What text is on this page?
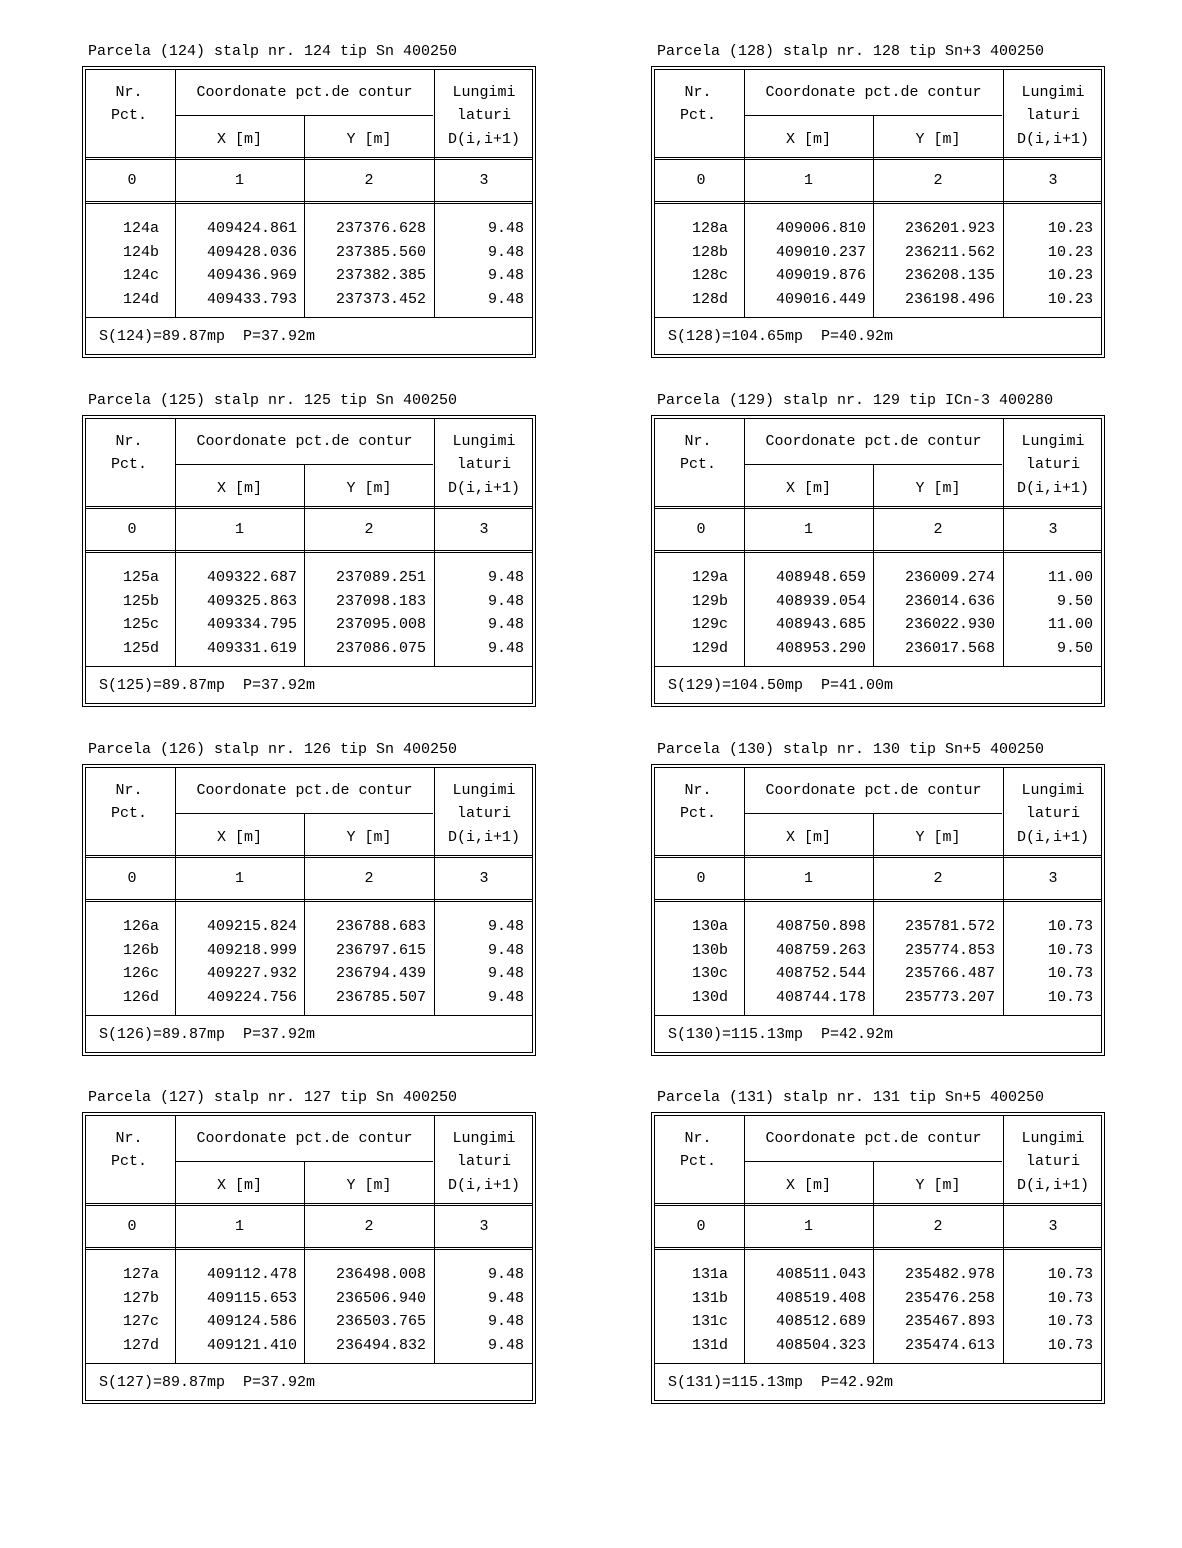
Parcela (124) stalp nr. 124 tip Sn 400250
Nr.
Pct.
Coordonate pct.de contur
X [m]	Y [m]
Lungimi
laturi
D(i,i+1)
0	1	2	3
124a	409424.861	237376.628	9.48
124b	409428.036	237385.560	9.48
124c	409436.969	237382.385	9.48
124d	409433.793	237373.452	9.48
S(124)=89.87mp  P=37.92m
Parcela (128) stalp nr. 128 tip Sn+3 400250
Nr.
Pct.
Coordonate pct.de contur
X [m]	Y [m]
Lungimi
laturi
D(i,i+1)
0	1	2	3
128a	409006.810	236201.923	10.23
128b	409010.237	236211.562	10.23
128c	409019.876	236208.135	10.23
128d	409016.449	236198.496	10.23
S(128)=104.65mp  P=40.92m
Parcela (125) stalp nr. 125 tip Sn 400250
Nr.
Pct.
Coordonate pct.de contur
X [m]	Y [m]
Lungimi
laturi
D(i,i+1)
0	1	2	3
125a	409322.687	237089.251	9.48
125b	409325.863	237098.183	9.48
125c	409334.795	237095.008	9.48
125d	409331.619	237086.075	9.48
S(125)=89.87mp  P=37.92m
Parcela (129) stalp nr. 129 tip ICn-3 400280
Nr.
Pct.
Coordonate pct.de contur
X [m]	Y [m]
Lungimi
laturi
D(i,i+1)
0	1	2	3
129a	408948.659	236009.274	11.00
129b	408939.054	236014.636	9.50
129c	408943.685	236022.930	11.00
129d	408953.290	236017.568	9.50
S(129)=104.50mp  P=41.00m
Parcela (126) stalp nr. 126 tip Sn 400250
Nr.
Pct.
Coordonate pct.de contur
X [m]	Y [m]
Lungimi
laturi
D(i,i+1)
0	1	2	3
126a	409215.824	236788.683	9.48
126b	409218.999	236797.615	9.48
126c	409227.932	236794.439	9.48
126d	409224.756	236785.507	9.48
S(126)=89.87mp  P=37.92m
Parcela (130) stalp nr. 130 tip Sn+5 400250
Nr.
Pct.
Coordonate pct.de contur
X [m]	Y [m]
Lungimi
laturi
D(i,i+1)
0	1	2	3
130a	408750.898	235781.572	10.73
130b	408759.263	235774.853	10.73
130c	408752.544	235766.487	10.73
130d	408744.178	235773.207	10.73
S(130)=115.13mp  P=42.92m
Parcela (127) stalp nr. 127 tip Sn 400250
Nr.
Pct.
Coordonate pct.de contur
X [m]	Y [m]
Lungimi
laturi
D(i,i+1)
0	1	2	3
127a	409112.478	236498.008	9.48
127b	409115.653	236506.940	9.48
127c	409124.586	236503.765	9.48
127d	409121.410	236494.832	9.48
S(127)=89.87mp  P=37.92m
Parcela (131) stalp nr. 131 tip Sn+5 400250
Nr.
Pct.
Coordonate pct.de contur
X [m]	Y [m]
Lungimi
laturi
D(i,i+1)
0	1	2	3
131a	408511.043	235482.978	10.73
131b	408519.408	235476.258	10.73
131c	408512.689	235467.893	10.73
131d	408504.323	235474.613	10.73
S(131)=115.13mp  P=42.92m
